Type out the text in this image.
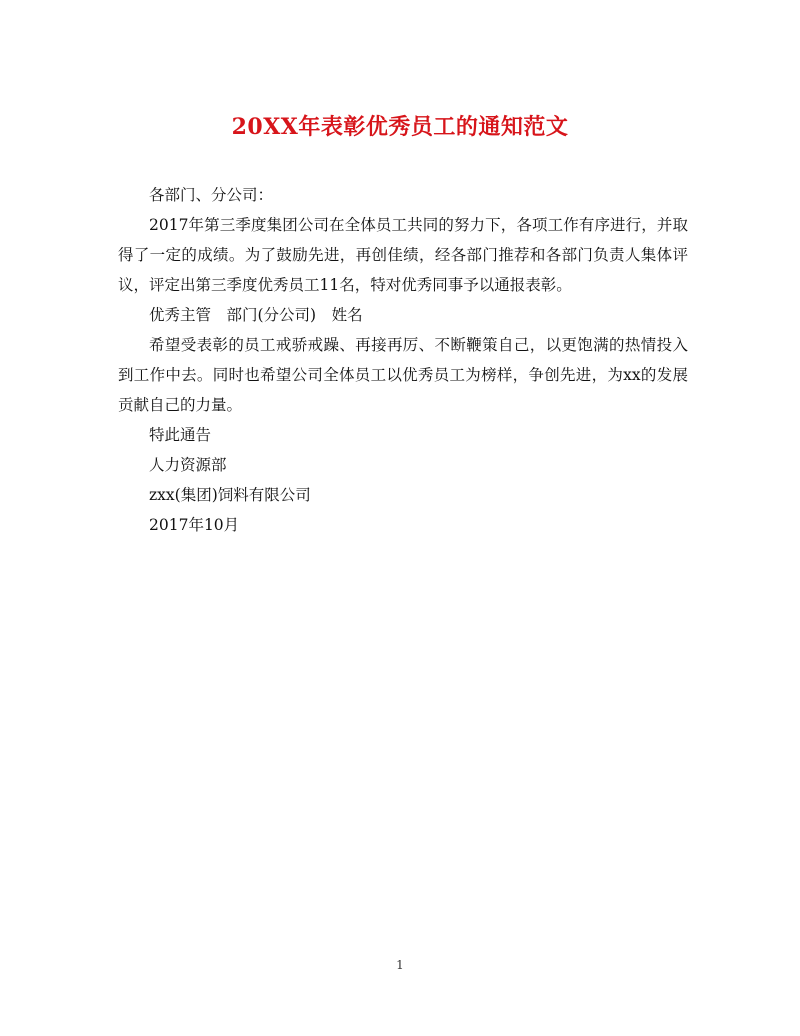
20XX年表彰优秀员工的通知范文

各部门、分公司：

2017年第三季度集团公司在全体员工共同的努力下，各项工作有序进行，并取得了一定的成绩。为了鼓励先进，再创佳绩，经各部门推荐和各部门负责人集体评议，评定出第三季度优秀员工11名，特对优秀同事予以通报表彰。

优秀主管　部门(分公司)　姓名

希望受表彰的员工戒骄戒躁、再接再厉、不断鞭策自己，以更饱满的热情投入到工作中去。同时也希望公司全体员工以优秀员工为榜样，争创先进，为xx的发展贡献自己的力量。

特此通告

人力资源部

zxx(集团)饲料有限公司

2017年10月

1
